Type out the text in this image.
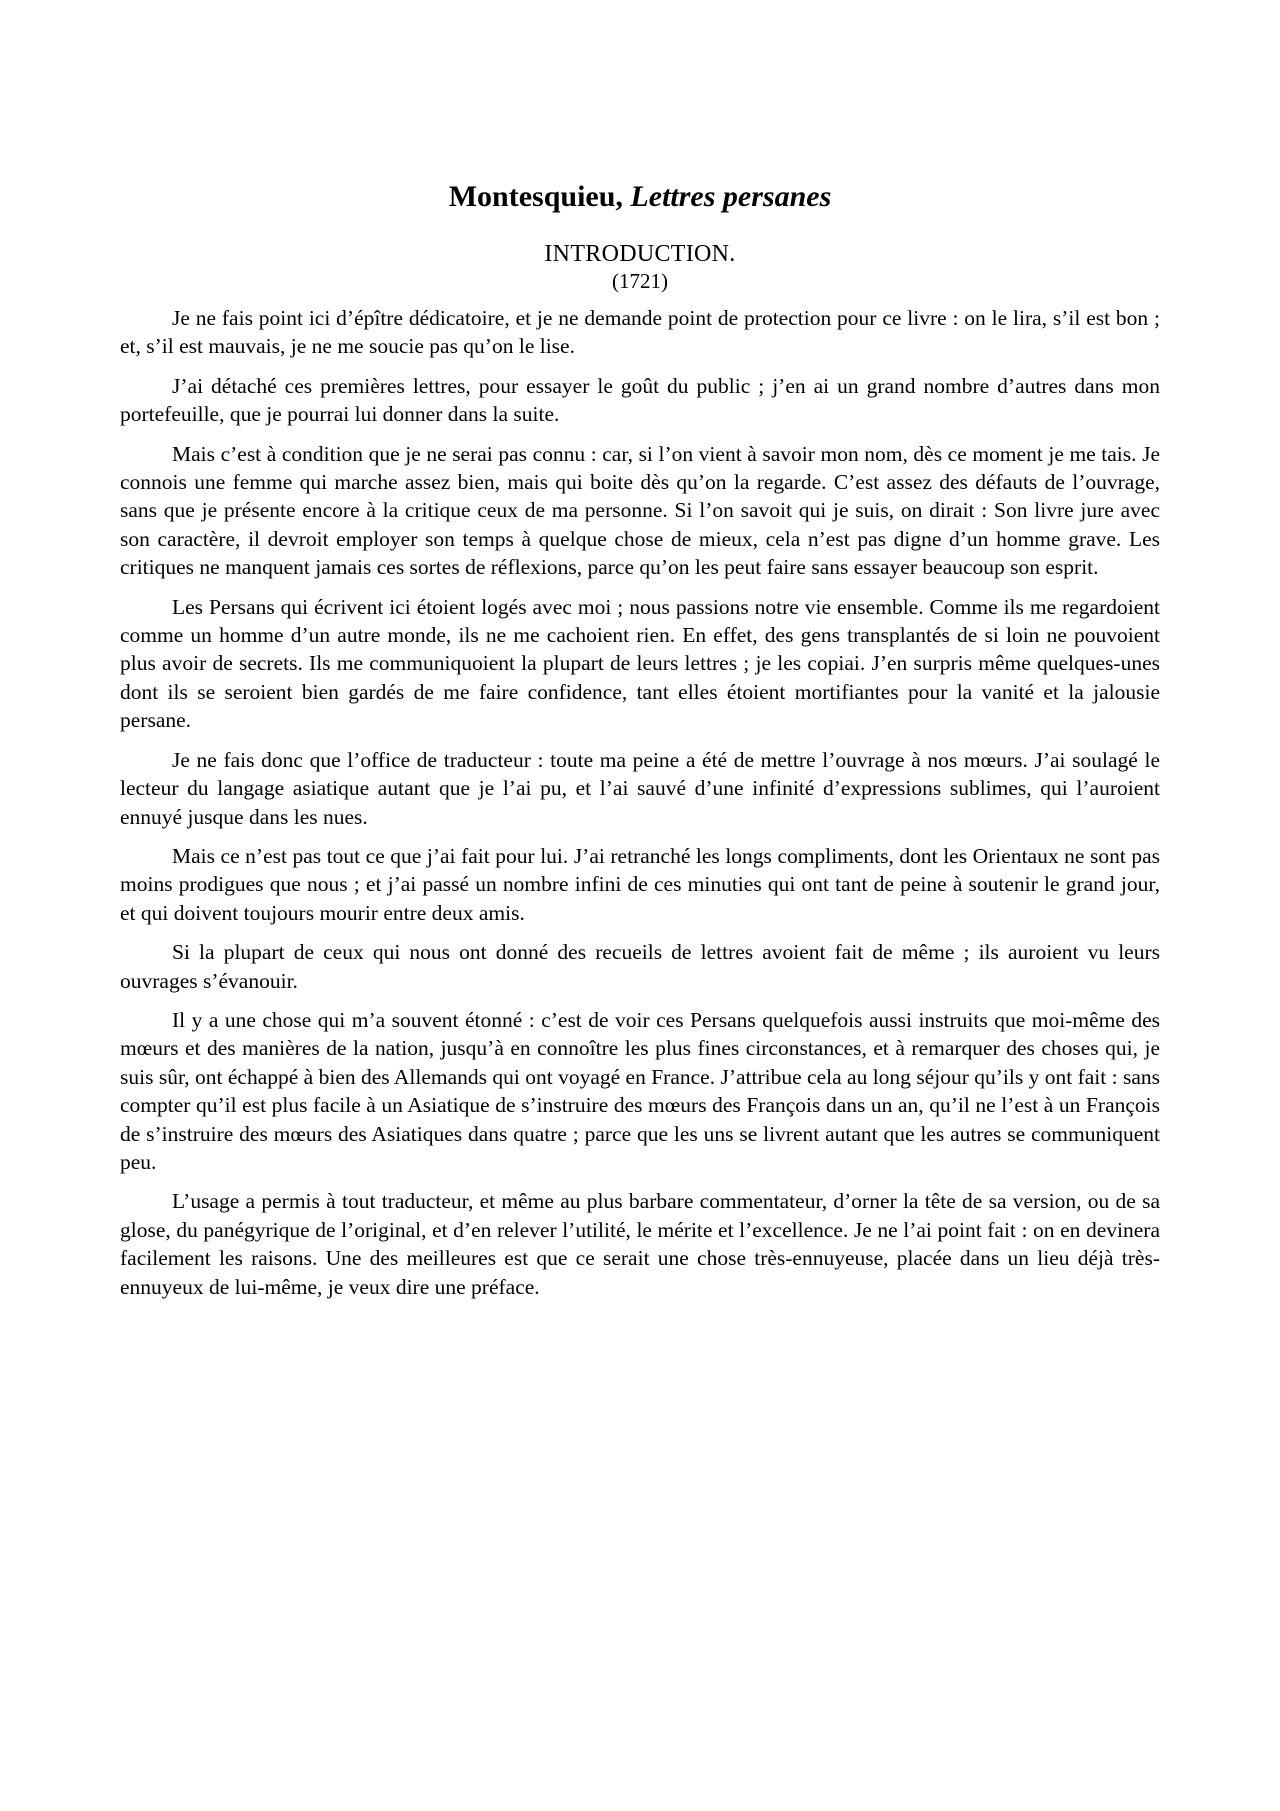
Montesquieu, Lettres persanes
INTRODUCTION.
(1721)

Je ne fais point ici d’épître dédicatoire, et je ne demande point de protection pour ce livre : on le lira, s’il est bon ; et, s’il est mauvais, je ne me soucie pas qu’on le lise.

J’ai détaché ces premières lettres, pour essayer le goût du public ; j’en ai un grand nombre d’autres dans mon portefeuille, que je pourrai lui donner dans la suite.

Mais c’est à condition que je ne serai pas connu : car, si l’on vient à savoir mon nom, dès ce moment je me tais. Je connois une femme qui marche assez bien, mais qui boite dès qu’on la regarde. C’est assez des défauts de l’ouvrage, sans que je présente encore à la critique ceux de ma personne. Si l’on savoit qui je suis, on dirait : Son livre jure avec son caractère, il devroit employer son temps à quelque chose de mieux, cela n’est pas digne d’un homme grave. Les critiques ne manquent jamais ces sortes de réflexions, parce qu’on les peut faire sans essayer beaucoup son esprit.

Les Persans qui écrivent ici étoient logés avec moi ; nous passions notre vie ensemble. Comme ils me regardoient comme un homme d’un autre monde, ils ne me cachoient rien. En effet, des gens transplantés de si loin ne pouvoient plus avoir de secrets. Ils me communiquoient la plupart de leurs lettres ; je les copiai. J’en surpris même quelques-unes dont ils se seroient bien gardés de me faire confidence, tant elles étoient mortifiantes pour la vanité et la jalousie persane.

Je ne fais donc que l’office de traducteur : toute ma peine a été de mettre l’ouvrage à nos mœurs. J’ai soulagé le lecteur du langage asiatique autant que je l’ai pu, et l’ai sauvé d’une infinité d’expressions sublimes, qui l’auroient ennuyé jusque dans les nues.

Mais ce n’est pas tout ce que j’ai fait pour lui. J’ai retranché les longs compliments, dont les Orientaux ne sont pas moins prodigues que nous ; et j’ai passé un nombre infini de ces minuties qui ont tant de peine à soutenir le grand jour, et qui doivent toujours mourir entre deux amis.

Si la plupart de ceux qui nous ont donné des recueils de lettres avoient fait de même ; ils auroient vu leurs ouvrages s’évanouir.

Il y a une chose qui m’a souvent étonné : c’est de voir ces Persans quelquefois aussi instruits que moi-même des mœurs et des manières de la nation, jusqu’à en connoître les plus fines circonstances, et à remarquer des choses qui, je suis sûr, ont échappé à bien des Allemands qui ont voyagé en France. J’attribue cela au long séjour qu’ils y ont fait : sans compter qu’il est plus facile à un Asiatique de s’instruire des mœurs des François dans un an, qu’il ne l’est à un François de s’instruire des mœurs des Asiatiques dans quatre ; parce que les uns se livrent autant que les autres se communiquent peu.

L’usage a permis à tout traducteur, et même au plus barbare commentateur, d’orner la tête de sa version, ou de sa glose, du panégyrique de l’original, et d’en relever l’utilité, le mérite et l’excellence. Je ne l’ai point fait : on en devinera facilement les raisons. Une des meilleures est que ce serait une chose très-ennuyeuse, placée dans un lieu déjà très-ennuyeux de lui-même, je veux dire une préface.
